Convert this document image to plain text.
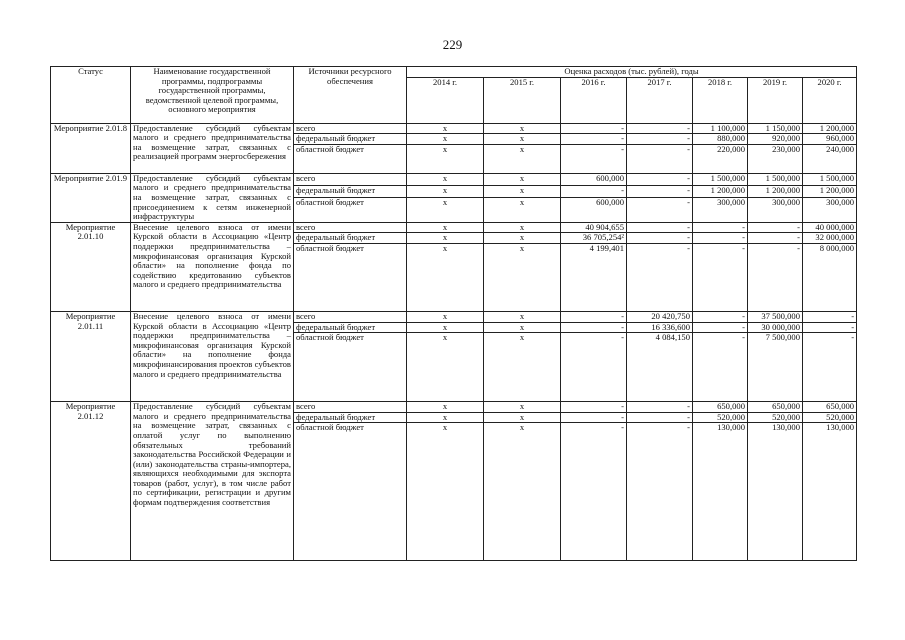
229
Статус	Наименование государственной программы, подпрограммы государственной программы, ведомственной целевой программы, основного мероприятия	Источники ресурсного обеспечения	Оценка расходов (тыс. рублей), годы						
			2014 г.	2015 г.	2016 г.	2017 г.	2018 г.	2019 г.	2020 г.
Мероприятие 2.01.8	Предоставление субсидий субъектам малого и среднего предпринимательства на возмещение затрат, связанных с реализацией программ энергосбережения	всего	x	x	-	-	1 100,000	1 150,000	1 200,000
		федеральный бюджет	x	x	-	-	880,000	920,000	960,000
		областной бюджет	x	x	-	-	220,000	230,000	240,000
Мероприятие 2.01.9	Предоставление субсидий субъектам малого и среднего предпринимательства на возмещение затрат, связанных с присоединением к сетям инженерной инфраструктуры	всего	x	x	600,000	-	1 500,000	1 500,000	1 500,000
		федеральный бюджет	x	x	-	-	1 200,000	1 200,000	1 200,000
		областной бюджет	x	x	600,000	-	300,000	300,000	300,000
Мероприятие 2.01.10	Внесение целевого взноса от имени Курской области в Ассоциацию «Центр поддержки предпринимательства – микрофинансовая организация Курской области» на пополнение фонда по содействию кредитованию субъектов малого и среднего предпринимательства	всего	x	x	40 904,655	-	-	-	40 000,000
		федеральный бюджет	x	x	36 705,254²	-	-	-	32 000,000
		областной бюджет	x	x	4 199,401	-	-	-	8 000,000
Мероприятие 2.01.11	Внесение целевого взноса от имени Курской области в Ассоциацию «Центр поддержки предпринимательства – микрофинансовая организация Курской области» на пополнение фонда микрофинансирования проектов субъектов малого и среднего предпринимательства	всего	x	x	-	20 420,750	-	37 500,000	-
		федеральный бюджет	x	x	-	16 336,600	-	30 000,000	-
		областной бюджет	x	x	-	4 084,150	-	7 500,000	-
Мероприятие 2.01.12	Предоставление субсидий субъектам малого и среднего предпринимательства на возмещение затрат, связанных с оплатой услуг по выполнению обязательных требований законодательства Российской Федерации и (или) законодательства страны-импортера, являющихся необходимыми для экспорта товаров (работ, услуг), в том числе работ по сертификации, регистрации и другим формам подтверждения соответствия	всего	x	x	-	-	650,000	650,000	650,000
		федеральный бюджет	x	x	-	-	520,000	520,000	520,000
		областной бюджет	x	x	-	-	130,000	130,000	130,000
